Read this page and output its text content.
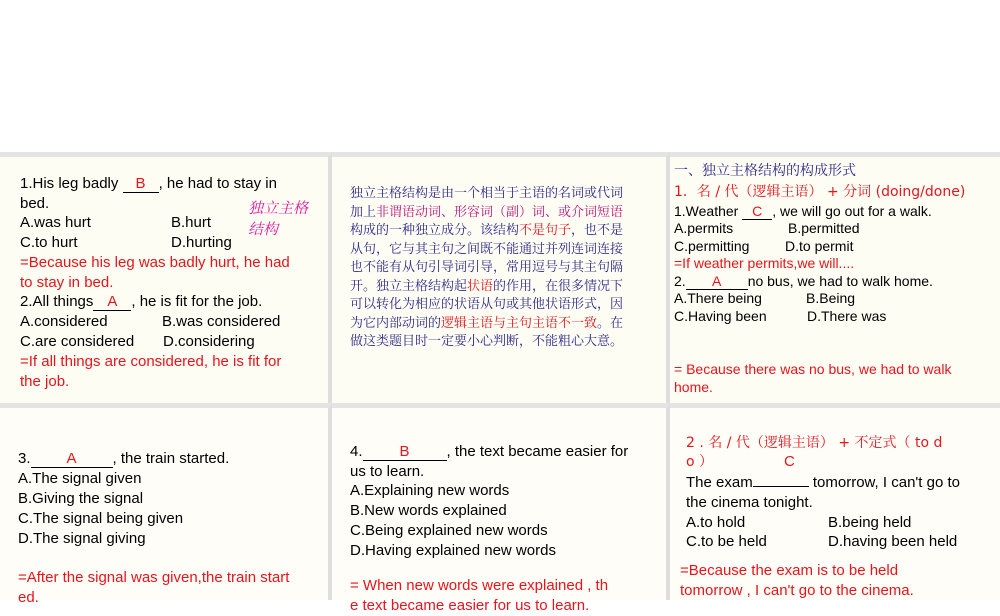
1.His leg badly B , he had to stay in
bed.	独立主格
结构
A.was hurt	B.hurt
C.to hurt	D.hurting
=Because his leg was badly hurt, he had
to stay in bed.
2.All things A , he is fit for the job.
A.considered	B.was considered
C.are considered D.considering
=If all things are considered, he is fit for
the job.
独立主格结构是由一个相当于主语的名词或代词
加上非谓语动词、形容词（副）词、或介词短语
构成的一种独立成分。该结构不是句子，也不是
从句，它与其主句之间既不能通过并列连词连接
也不能有从句引导词引导，常用逗号与其主句隔
开。独立主格结构起状语的作用，在很多情况下
可以转化为相应的状语从句或其他状语形式，因
为它内部动词的逻辑主语与主句主语不一致。在
做这类题目时一定要小心判断，不能粗心大意。
一、独立主格结构的构成形式
1．名 / 代（逻辑主语） + 分词 (doing/done)
1.Weather C , we will go out for a walk.
A.permits	B.permitted
C.permitting	D.to permit
=If weather permits,we will....
2. A no bus, we had to walk home.
A.There being	B.Being
C.Having been	D.There was
= Because there was no bus, we had to walk
home.
3. A , the train started.
A.The signal given
B.Giving the signal
C.The signal being given
D.The signal giving
=After the signal was given,the train start
ed.
4. B , the text became easier for
us to learn.
A.Explaining new words
B.New words explained
C.Being explained new words
D.Having explained new words
= When new words were explained , th
e text became easier for us to learn.
2 . 名 / 代（逻辑主语） + 不定式（ to d
o ）	C
The exam	tomorrow, I can't go to
the cinema tonight.
A.to hold	B.being held
C.to be held	D.having been held
=Because the exam is to be held
tomorrow , I can't go to the cinema.
